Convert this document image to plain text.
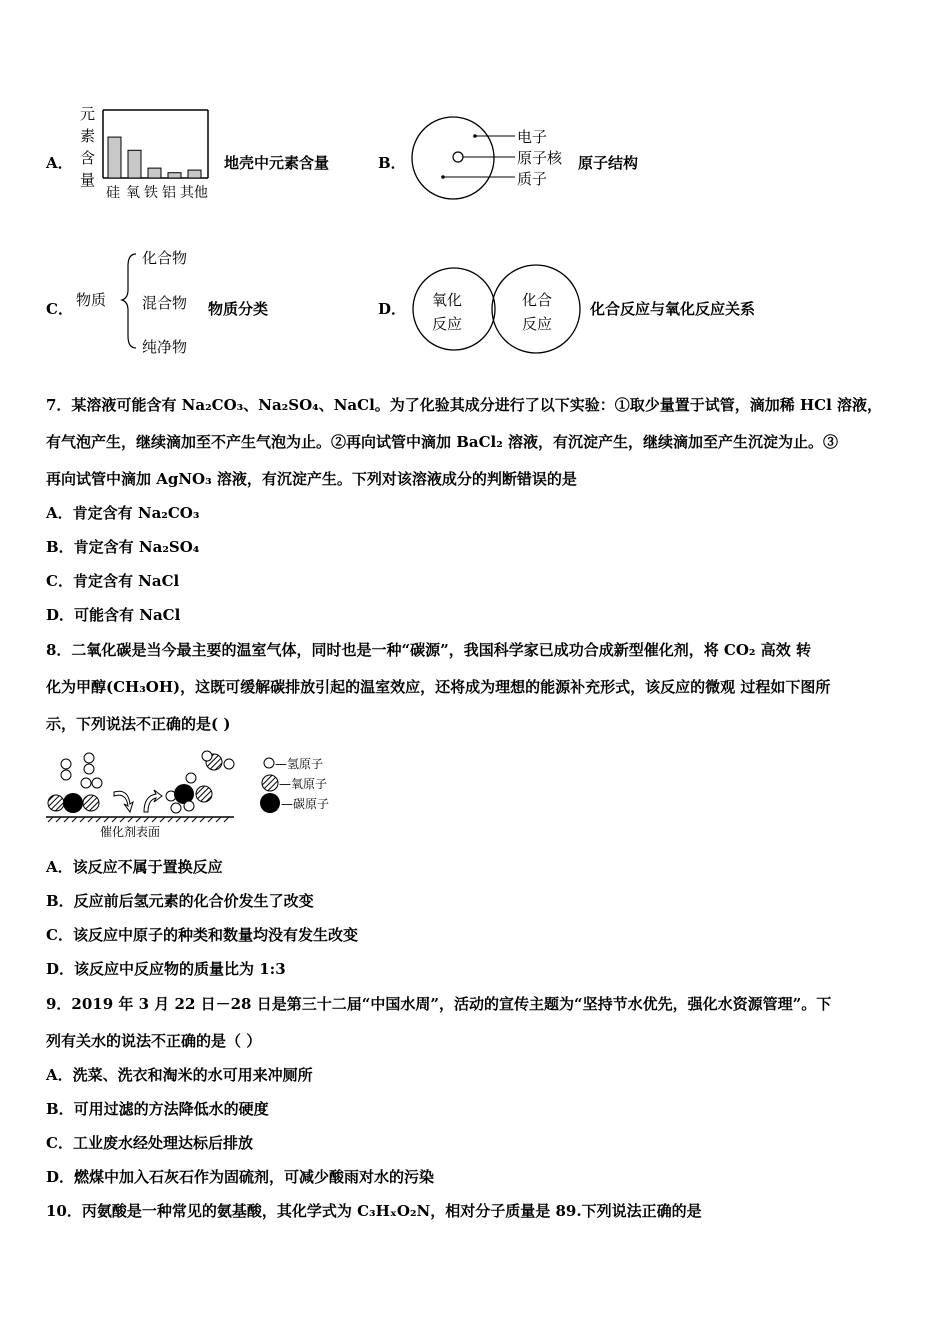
A．
元
素
含
量
硅 氧 铁 铝 其他
地壳中元素含量	B．
电子
原子核
质子
原子结构
C． 物质
化合物
混合物
纯净物
物质分类	D． 氧化
反应
化合
反应
化合反应与氧化反应关系
7．某溶液可能含有 Na₂CO₃、Na₂SO₄、NaCl。为了化验其成分进行了以下实验：①取少量置于试管，滴加稀 HCl 溶液，
有气泡产生，继续滴加至不产生气泡为止。②再向试管中滴加 BaCl₂ 溶液，有沉淀产生，继续滴加至产生沉淀为止。③
再向试管中滴加 AgNO₃ 溶液，有沉淀产生。下列对该溶液成分的判断错误的是
A．肯定含有 Na₂CO₃
B．肯定含有 Na₂SO₄
C．肯定含有 NaCl
D．可能含有 NaCl
8．二氧化碳是当今最主要的温室气体，同时也是一种“碳源”，我国科学家已成功合成新型催化剂，将 CO₂ 高效 转
化为甲醇(CH₃OH)，这既可缓解碳排放引起的温室效应，还将成为理想的能源补充形式，该反应的微观 过程如下图所
示，下列说法不正确的是( )
催化剂表面
—氢原子
—氧原子
—碳原子
A．该反应不属于置换反应
B．反应前后氢元素的化合价发生了改变
C．该反应中原子的种类和数量均没有发生改变
D．该反应中反应物的质量比为 1:3
9．2019 年 3 月 22 日－28 日是第三十二届“中国水周”，活动的宣传主题为“坚持节水优先，强化水资源管理”。下
列有关水的说法不正确的是（ ）
A．洗菜、洗衣和淘米的水可用来冲厕所
B．可用过滤的方法降低水的硬度
C．工业废水经处理达标后排放
D．燃煤中加入石灰石作为固硫剂，可减少酸雨对水的污染
10．丙氨酸是一种常见的氨基酸，其化学式为 C₃HₓO₂N，相对分子质量是 89.下列说法正确的是
